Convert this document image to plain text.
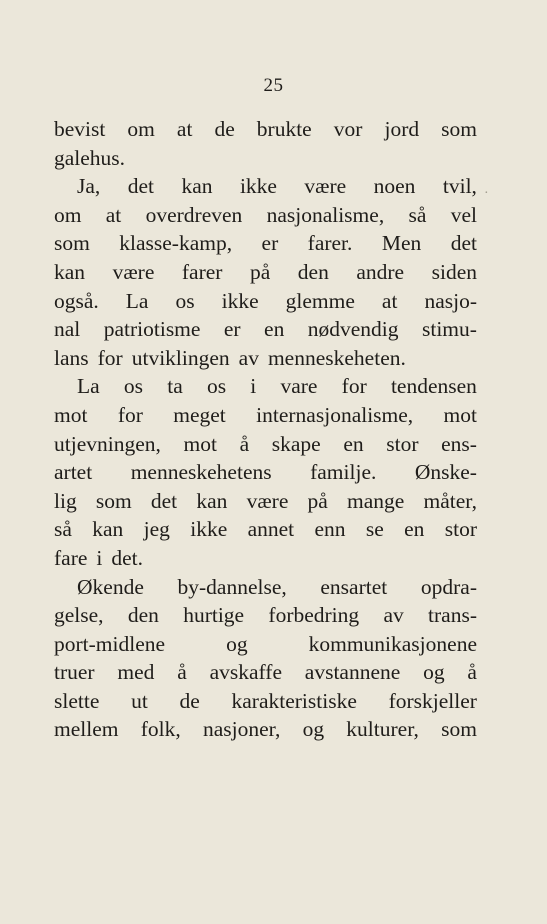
25
·
bevist om at de brukte vor jord som
galehus.
Ja, det kan ikke være noen tvil,
om at overdreven nasjonalisme, så vel
som klasse-kamp, er farer. Men det
kan være farer på den andre siden
også. La os ikke glemme at nasjo-
nal patriotisme er en nødvendig stimu-
lans for utviklingen av menneskeheten.
La os ta os i vare for tendensen
mot for meget internasjonalisme, mot
utjevningen, mot å skape en stor ens-
artet menneskehetens familje. Ønske-
lig som det kan være på mange måter,
så kan jeg ikke annet enn se en stor
fare i det.
Økende by-dannelse, ensartet opdra-
gelse, den hurtige forbedring av trans-
port-midlene	og	kommunikasjonene
truer med å avskaffe avstannene og å
slette ut de karakteristiske forskjeller
mellem folk, nasjoner, og kulturer, som
